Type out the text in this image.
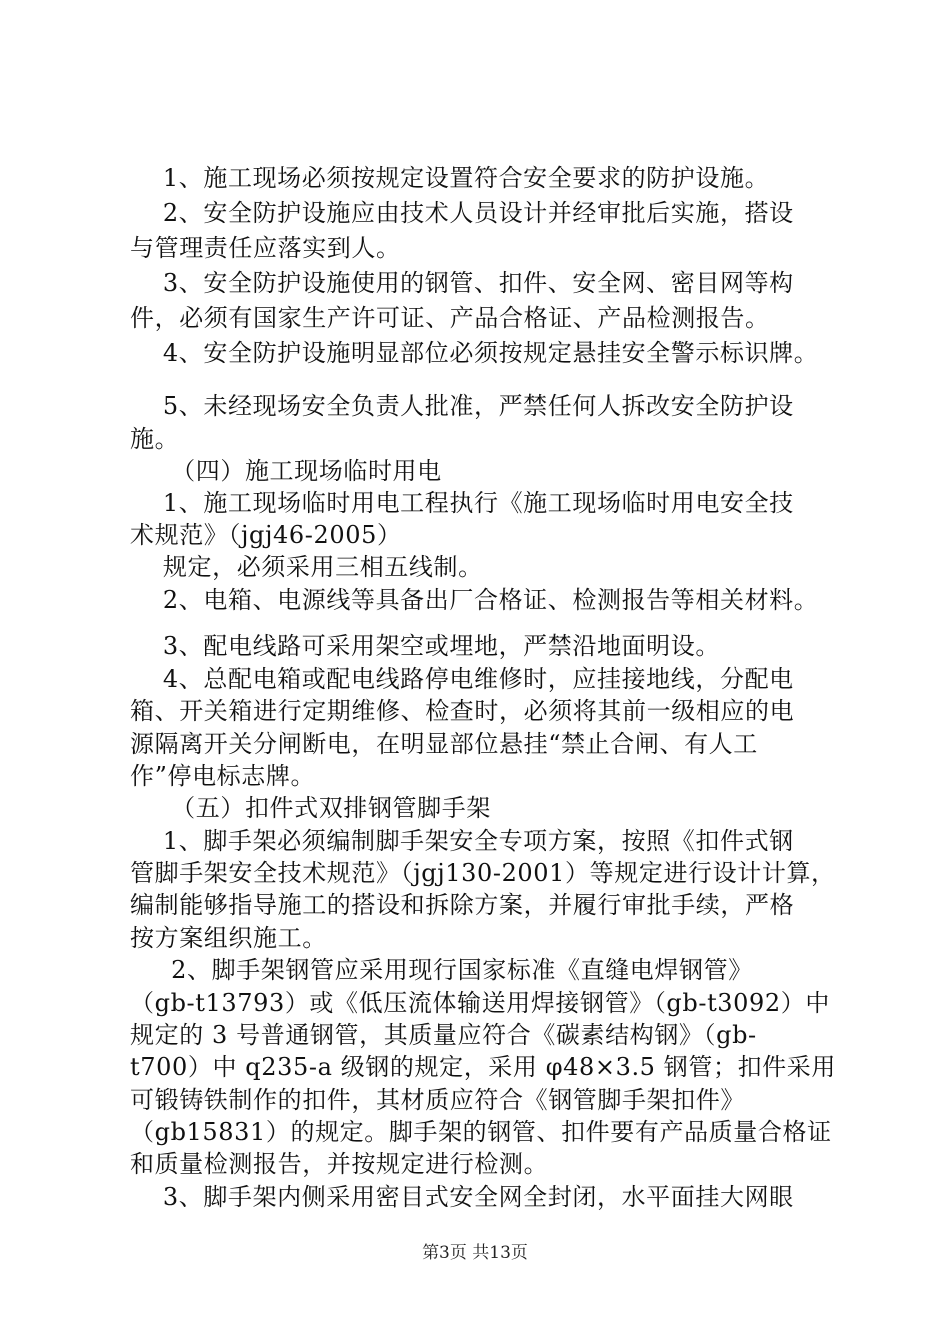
1、施工现场必须按规定设置符合安全要求的防护设施。
2、安全防护设施应由技术人员设计并经审批后实施，搭设
与管理责任应落实到人。
3、安全防护设施使用的钢管、扣件、安全网、密目网等构
件，必须有国家生产许可证、产品合格证、产品检测报告。
4、安全防护设施明显部位必须按规定悬挂安全警示标识牌。
5、未经现场安全负责人批准，严禁任何人拆改安全防护设
施。
（四）施工现场临时用电
1、施工现场临时用电工程执行《施工现场临时用电安全技
术规范》（jgj46-2005）
规定，必须采用三相五线制。
2、电箱、电源线等具备出厂合格证、检测报告等相关材料。
3、配电线路可采用架空或埋地，严禁沿地面明设。
4、总配电箱或配电线路停电维修时，应挂接地线，分配电
箱、开关箱进行定期维修、检查时，必须将其前一级相应的电
源隔离开关分闸断电，在明显部位悬挂“禁止合闸、有人工
作”停电标志牌。
（五）扣件式双排钢管脚手架
1、脚手架必须编制脚手架安全专项方案，按照《扣件式钢
管脚手架安全技术规范》（jgj130-2001）等规定进行设计计算，
编制能够指导施工的搭设和拆除方案，并履行审批手续，严格
按方案组织施工。
2、脚手架钢管应采用现行国家标准《直缝电焊钢管》
（gb-t13793）或《低压流体输送用焊接钢管》（gb-t3092）中
规定的 3 号普通钢管，其质量应符合《碳素结构钢》（gb-
t700）中 q235-a 级钢的规定，采用 φ48×3.5 钢管；扣件采用
可锻铸铁制作的扣件，其材质应符合《钢管脚手架扣件》
（gb15831）的规定。脚手架的钢管、扣件要有产品质量合格证
和质量检测报告，并按规定进行检测。
3、脚手架内侧采用密目式安全网全封闭，水平面挂大网眼
第3页 共13页
